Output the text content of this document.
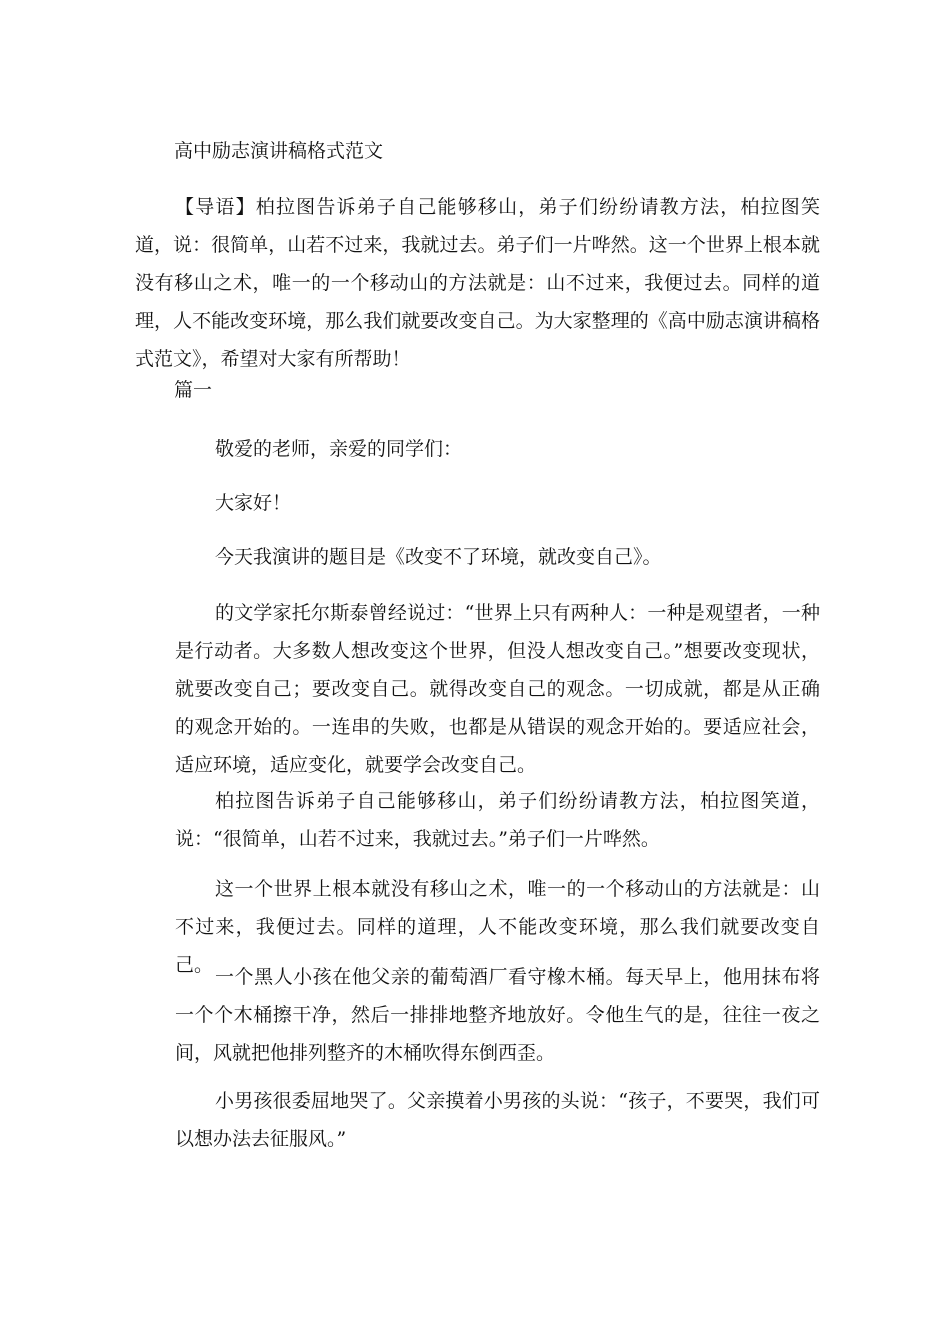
高中励志演讲稿格式范文
【导语】柏拉图告诉弟子自己能够移山，弟子们纷纷请教方法，柏拉图笑道，说：很简单，山若不过来，我就过去。弟子们一片哗然。这一个世界上根本就没有移山之术，唯一的一个移动山的方法就是：山不过来，我便过去。同样的道理，人不能改变环境，那么我们就要改变自己。为大家整理的《高中励志演讲稿格式范文》，希望对大家有所帮助！
篇一
敬爱的老师，亲爱的同学们：
大家好！
今天我演讲的题目是《改变不了环境，就改变自己》。
的文学家托尔斯泰曾经说过：“世界上只有两种人：一种是观望者，一种是行动者。大多数人想改变这个世界，但没人想改变自己。”想要改变现状，就要改变自己；要改变自己。就得改变自己的观念。一切成就，都是从正确的观念开始的。一连串的失败，也都是从错误的观念开始的。要适应社会，适应环境，适应变化，就要学会改变自己。
柏拉图告诉弟子自己能够移山，弟子们纷纷请教方法，柏拉图笑道，说：“很简单，山若不过来，我就过去。”弟子们一片哗然。
这一个世界上根本就没有移山之术，唯一的一个移动山的方法就是：山不过来，我便过去。同样的道理，人不能改变环境，那么我们就要改变自己。
一个黑人小孩在他父亲的葡萄酒厂看守橡木桶。每天早上，他用抹布将一个个木桶擦干净，然后一排排地整齐地放好。令他生气的是，往往一夜之间，风就把他排列整齐的木桶吹得东倒西歪。
小男孩很委屈地哭了。父亲摸着小男孩的头说：“孩子，不要哭，我们可以想办法去征服风。”
